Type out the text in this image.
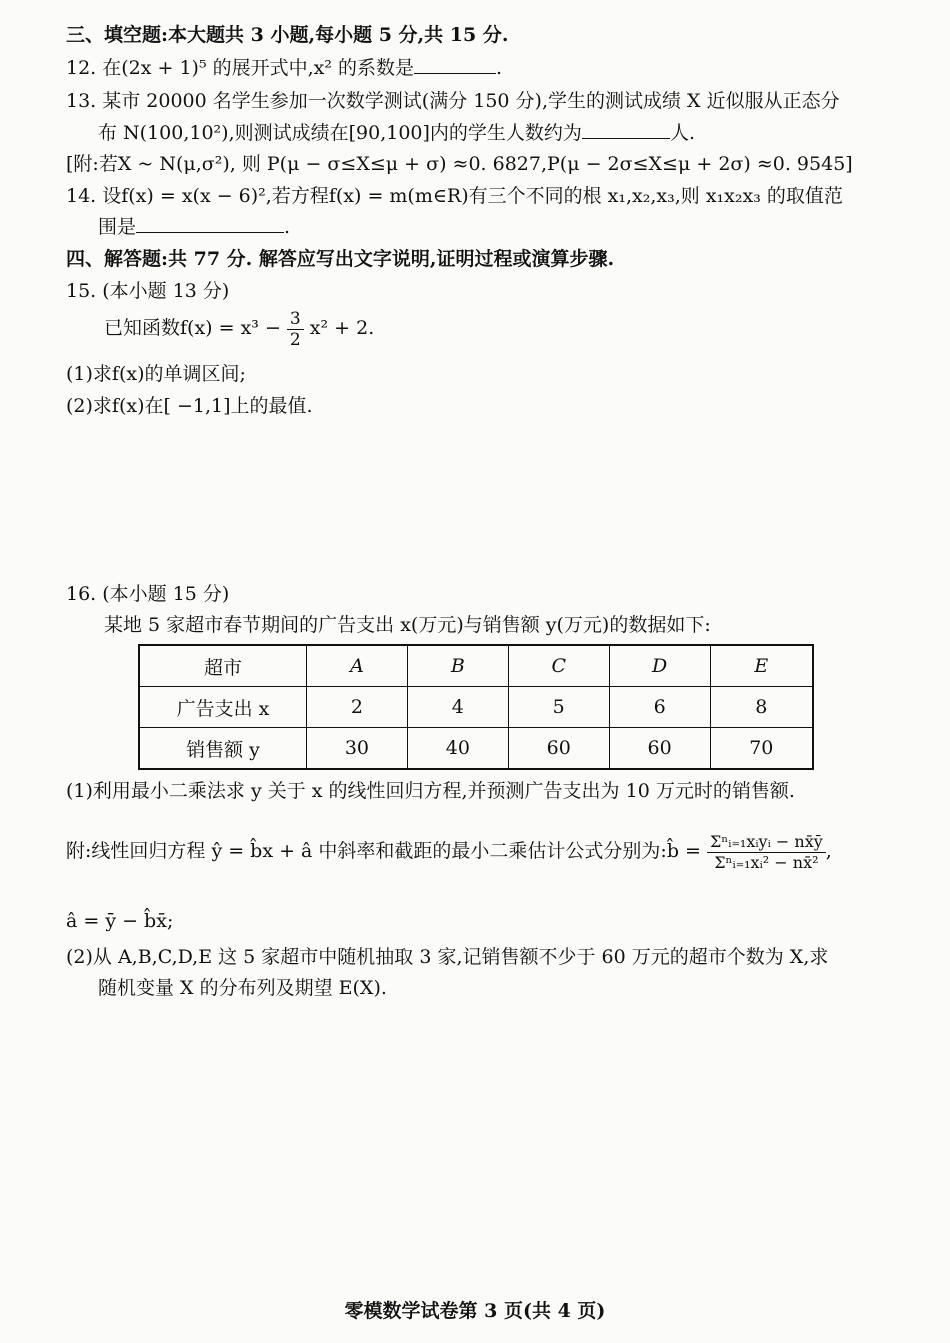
三、填空题:本大题共 3 小题,每小题 5 分,共 15 分.
12. 在(2x + 1)⁵ 的展开式中,x² 的系数是	.
13. 某市 20000 名学生参加一次数学测试(满分 150 分),学生的测试成绩 X 近似服从正态分
布 N(100,10²),则测试成绩在[90,100]内的学生人数约为	人.
[附:若X ~ N(μ,σ²), 则 P(μ − σ≤X≤μ + σ) ≈0. 6827,P(μ − 2σ≤X≤μ + 2σ) ≈0. 9545]
14. 设f(x) = x(x − 6)²,若方程f(x) = m(m∈R)有三个不同的根 x₁,x₂,x₃,则 x₁x₂x₃ 的取值范
围是	.
四、解答题:共 77 分. 解答应写出文字说明,证明过程或演算步骤.
15. (本小题 13 分)
已知函数$f(x) = x^3 - \frac{3}{2} x^2 + 2$.
(1)求f(x)的单调区间;
(2)求f(x)在[ −1,1]上的最值.
16. (本小题 15 分)
某地 5 家超市春节期间的广告支出 x(万元)与销售额 y(万元)的数据如下:
超市	A	B	C	D	E
广告支出 x	2	4	5	6	8
销售额 y	30	40	60	60	70
(1)利用最小二乘法求 y 关于 x 的线性回归方程,并预测广告支出为 10 万元时的销售额.
附:线性回归方程 ŷ = b̂x + â 中斜率和截距的最小二乘估计公式分别为:b̂ = $\frac{\text{Σⁿᵢ₌₁xᵢyᵢ − nx̄ȳ}}{\text{Σⁿᵢ₌₁xᵢ² − nx̄²}}$ ,
â = ȳ − b̂x̄;
(2)从 A,B,C,D,E 这 5 家超市中随机抽取 3 家,记销售额不少于 60 万元的超市个数为 X,求
随机变量 X 的分布列及期望 E(X).
零模数学试卷第 3 页(共 4 页)
